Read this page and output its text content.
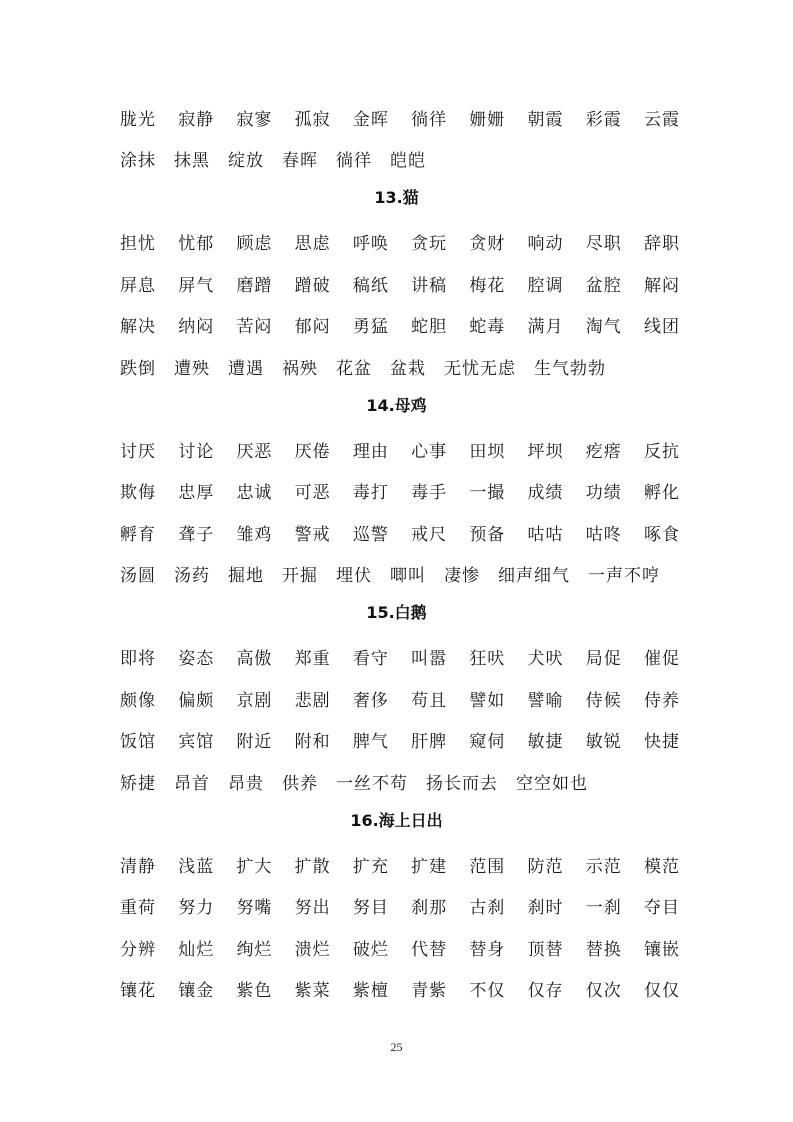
胧光 寂静 寂寥 孤寂 金晖 徜徉 姗姗 朝霞 彩霞 云霞
涂抹 抹黑 绽放 春晖 徜徉 皑皑
13.猫
担忧 忧郁 顾虑 思虑 呼唤 贪玩 贪财 响动 尽职 辞职
屏息 屏气 磨蹭 蹭破 稿纸 讲稿 梅花 腔调 盆腔 解闷
解决 纳闷 苦闷 郁闷 勇猛 蛇胆 蛇毒 满月 淘气 线团
跌倒 遭殃 遭遇 祸殃 花盆 盆栽 无忧无虑 生气勃勃
14.母鸡
讨厌 讨论 厌恶 厌倦 理由 心事 田坝 坪坝 疙瘩 反抗
欺侮 忠厚 忠诚 可恶 毒打 毒手 一撮 成绩 功绩 孵化
孵育 聋子 雏鸡 警戒 巡警 戒尺 预备 咕咕 咕咚 啄食
汤圆 汤药 掘地 开掘 埋伏 唧叫 凄惨 细声细气 一声不哼
15.白鹅
即将 姿态 高傲 郑重 看守 叫嚣 狂吠 犬吠 局促 催促
颇像 偏颇 京剧 悲剧 奢侈 苟且 譬如 譬喻 侍候 侍养
饭馆 宾馆 附近 附和 脾气 肝脾 窥伺 敏捷 敏锐 快捷
矫捷 昂首 昂贵 供养 一丝不苟 扬长而去 空空如也
16.海上日出
清静 浅蓝 扩大 扩散 扩充 扩建 范围 防范 示范 模范
重荷 努力 努嘴 努出 努目 刹那 古刹 刹时 一刹 夺目
分辨 灿烂 绚烂 溃烂 破烂 代替 替身 顶替 替换 镶嵌
镶花 镶金 紫色 紫菜 紫檀 青紫 不仅 仅存 仅次 仅仅
25
